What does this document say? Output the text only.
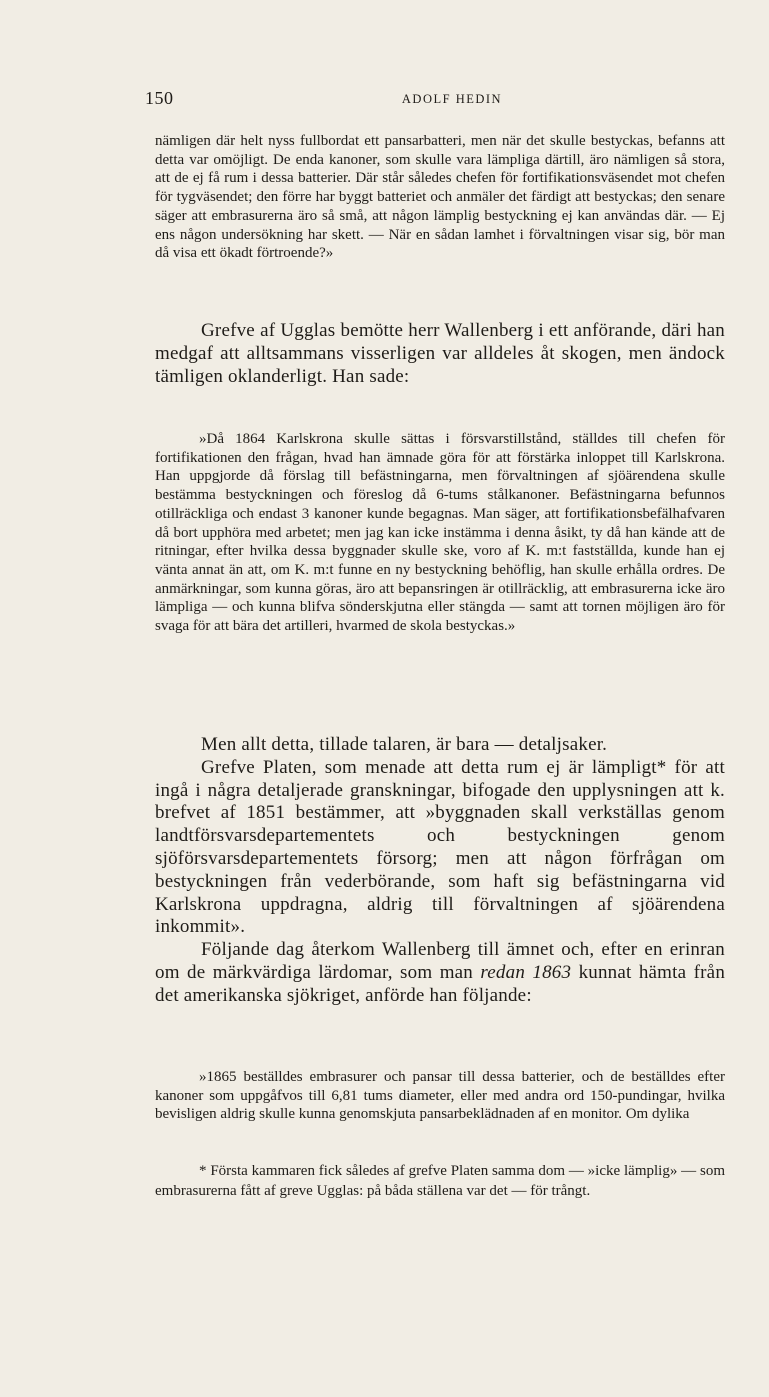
150	ADOLF HEDIN

nämligen där helt nyss fullbordat ett pansarbatteri, men när det skulle bestyckas, befanns att detta var omöjligt. De enda kanoner, som skulle vara lämpliga därtill, äro nämligen så stora, att de ej få rum i dessa batterier. Där står således chefen för fortifikationsväsendet mot chefen för tygväsendet; den förre har byggt batteriet och anmäler det färdigt att bestyckas; den senare säger att embrasurerna äro så små, att någon lämplig bestyckning ej kan användas där. — Ej ens någon undersökning har skett. — När en sådan lamhet i förvaltningen visar sig, bör man då visa ett ökadt förtroende?»

Grefve af Ugglas bemötte herr Wallenberg i ett anförande, däri han medgaf att alltsammans visserligen var alldeles åt skogen, men ändock tämligen oklanderligt. Han sade:

»Då 1864 Karlskrona skulle sättas i försvarstillstånd, ställdes till chefen för fortifikationen den frågan, hvad han ämnade göra för att förstärka inloppet till Karlskrona. Han uppgjorde då förslag till befästningarna, men förvaltningen af sjöärendena skulle bestämma bestyckningen och föreslog då 6-tums stålkanoner. Befästningarna befunnos otillräckliga och endast 3 kanoner kunde begagnas. Man säger, att fortifikationsbefälhafvaren då bort upphöra med arbetet; men jag kan icke instämma i denna åsikt, ty då han kände att de ritningar, efter hvilka dessa byggnader skulle ske, voro af K. m:t fastställda, kunde han ej vänta annat än att, om K. m:t funne en ny bestyckning behöflig, han skulle erhålla ordres. De anmärkningar, som kunna göras, äro att bepansringen är otillräcklig, att embrasurerna icke äro lämpliga — och kunna blifva sönderskjutna eller stängda — samt att tornen möjligen äro för svaga för att bära det artilleri, hvarmed de skola bestyckas.»

Men allt detta, tillade talaren, är bara — detaljsaker.

Grefve Platen, som menade att detta rum ej är lämpligt* för att ingå i några detaljerade granskningar, bifogade den upplysningen att k. brefvet af 1851 bestämmer, att »byggnaden skall verkställas genom landtförsvarsdepartementets och bestyckningen genom sjöförsvarsdepartementets försorg; men att någon förfrågan om bestyckningen från vederbörande, som haft sig befästningarna vid Karlskrona uppdragna, aldrig till förvaltningen af sjöärendena inkommit».

Följande dag återkom Wallenberg till ämnet och, efter en erinran om de märkvärdiga lärdomar, som man redan 1863 kunnat hämta från det amerikanska sjökriget, anförde han följande:

»1865 beställdes embrasurer och pansar till dessa batterier, och de beställdes efter kanoner som uppgåfvos till 6,81 tums diameter, eller med andra ord 150-pundingar, hvilka bevisligen aldrig skulle kunna genomskjuta pansarbeklädnaden af en monitor. Om dylika

* Första kammaren fick således af grefve Platen samma dom — »icke lämplig» — som embrasurerna fått af greve Ugglas: på båda ställena var det — för trångt.
